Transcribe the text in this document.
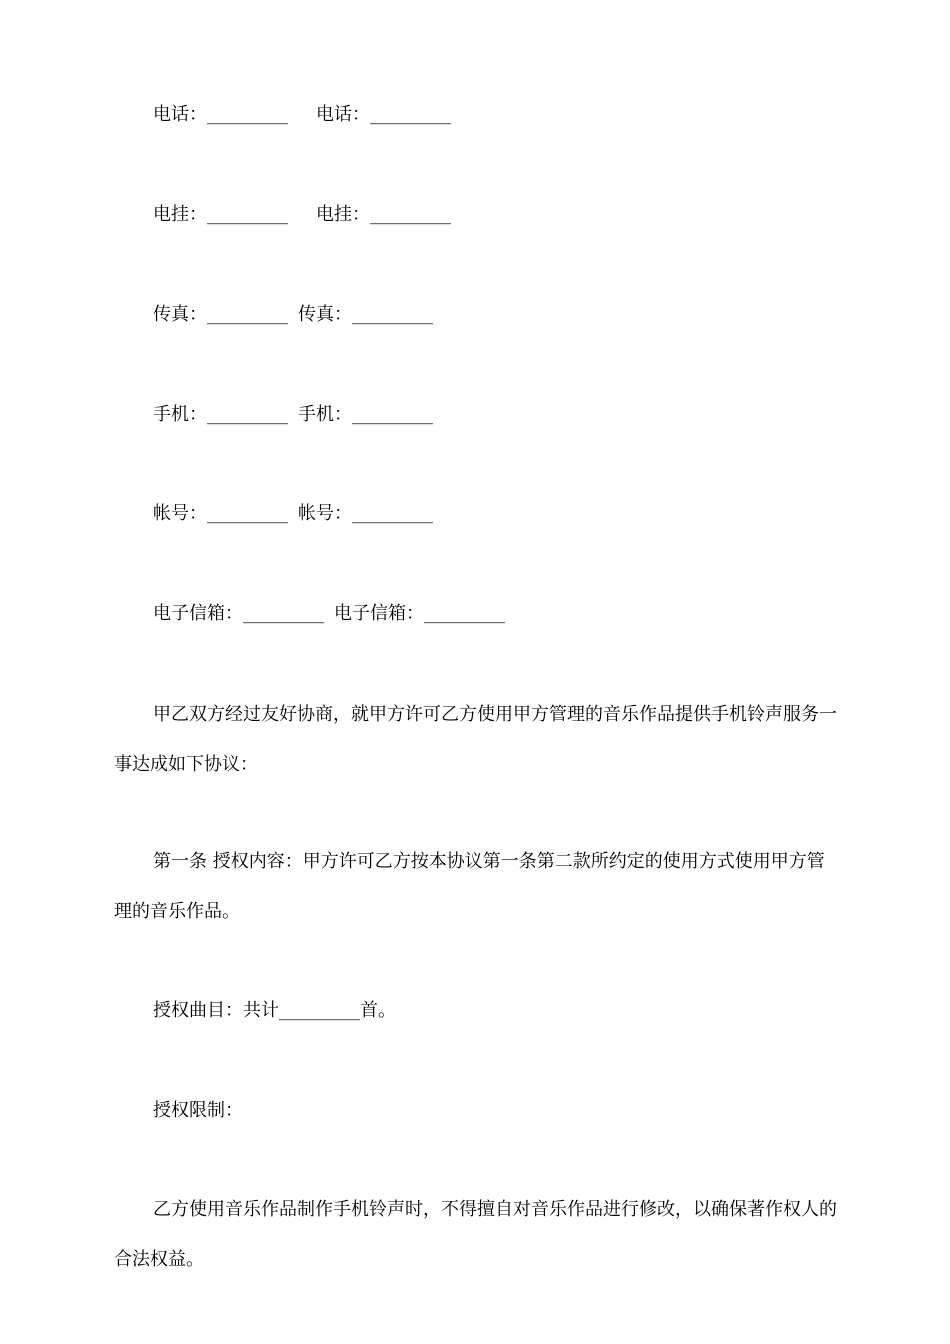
电话：_________ 电话：_________
电挂：_________ 电挂：_________
传真：_________ 传真：_________
手机：_________ 手机：_________
帐号：_________ 帐号：_________
电子信箱：_________ 电子信箱：_________
甲乙双方经过友好协商，就甲方许可乙方使用甲方管理的音乐作品提供手机铃声服务一事达成如下协议：
第一条 授权内容：甲方许可乙方按本协议第一条第二款所约定的使用方式使用甲方管理的音乐作品。
授权曲目：共计_________首。
授权限制：
乙方使用音乐作品制作手机铃声时，不得擅自对音乐作品进行修改，以确保著作权人的合法权益。
